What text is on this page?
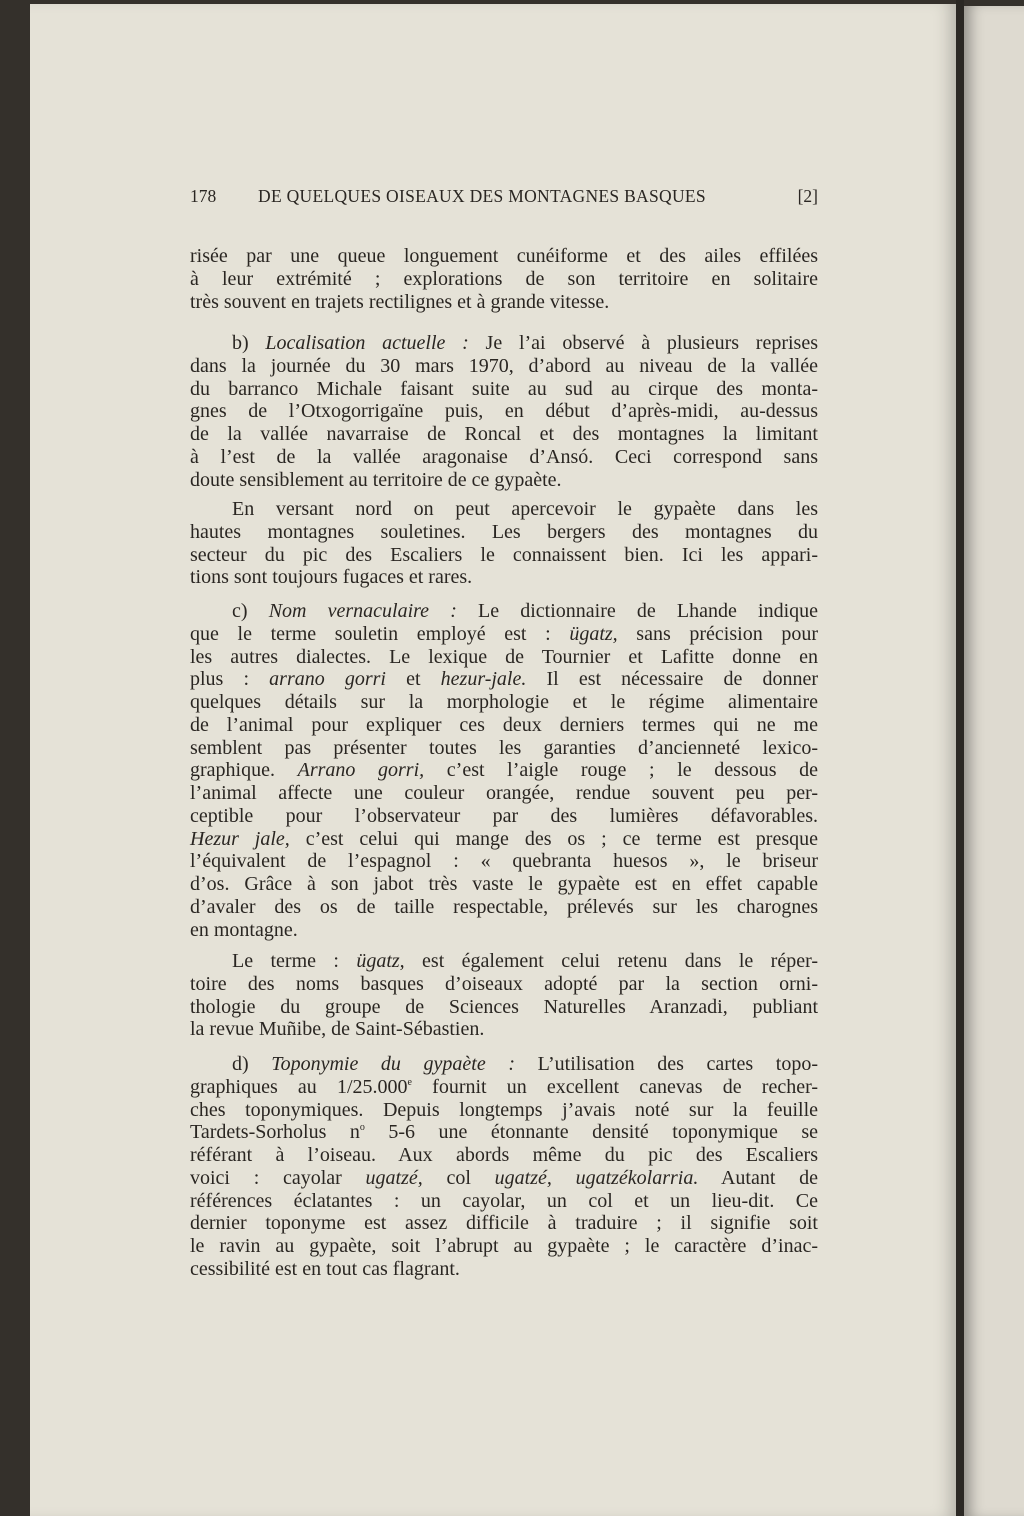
178 DE QUELQUES OISEAUX DES MONTAGNES BASQUES	[2]
risée par une queue longuement cunéiforme et des ailes effilées
à leur extrémité ; explorations de son territoire en solitaire
très souvent en trajets rectilignes et à grande vitesse.
b) Localisation actuelle : Je l’ai observé à plusieurs reprises
dans la journée du 30 mars 1970, d’abord au niveau de la vallée
du barranco Michale faisant suite au sud au cirque des monta-
gnes de l’Otxogorrigaïne puis, en début d’après-midi, au-dessus
de la vallée navarraise de Roncal et des montagnes la limitant
à l’est de la vallée aragonaise d’Ansó. Ceci correspond sans
doute sensiblement au territoire de ce gypaète.
En versant nord on peut apercevoir le gypaète dans les
hautes montagnes souletines. Les bergers des montagnes du
secteur du pic des Escaliers le connaissent bien. Ici les appari-
tions sont toujours fugaces et rares.
c) Nom vernaculaire : Le dictionnaire de Lhande indique
que le terme souletin employé est : ügatz, sans précision pour
les autres dialectes. Le lexique de Tournier et Lafitte donne en
plus : arrano gorri et hezur-jale. Il est nécessaire de donner
quelques détails sur la morphologie et le régime alimentaire
de l’animal pour expliquer ces deux derniers termes qui ne me
semblent pas présenter toutes les garanties d’ancienneté lexico-
graphique. Arrano gorri, c’est l’aigle rouge ; le dessous de
l’animal affecte une couleur orangée, rendue souvent peu per-
ceptible pour l’observateur par des lumières défavorables.
Hezur jale, c’est celui qui mange des os ; ce terme est presque
l’équivalent de l’espagnol : « quebranta huesos », le briseur
d’os. Grâce à son jabot très vaste le gypaète est en effet capable
d’avaler des os de taille respectable, prélevés sur les charognes
en montagne.
Le terme : ügatz, est également celui retenu dans le réper-
toire des noms basques d’oiseaux adopté par la section orni-
thologie du groupe de Sciences Naturelles Aranzadi, publiant
la revue Muñibe, de Saint-Sébastien.
d) Toponymie du gypaète : L’utilisation des cartes topo-
graphiques au 1/25.000e fournit un excellent canevas de recher-
ches toponymiques. Depuis longtemps j’avais noté sur la feuille
Tardets-Sorholus $n^o$ 5-6 une étonnante densité toponymique se
référant à l’oiseau. Aux abords même du pic des Escaliers
voici : cayolar ugatzé, col ugatzé, ugatzékolarria. Autant de
références éclatantes : un cayolar, un col et un lieu-dit. Ce
dernier toponyme est assez difficile à traduire ; il signifie soit
le ravin au gypaète, soit l’abrupt au gypaète ; le caractère d’inac-
cessibilité est en tout cas flagrant.
